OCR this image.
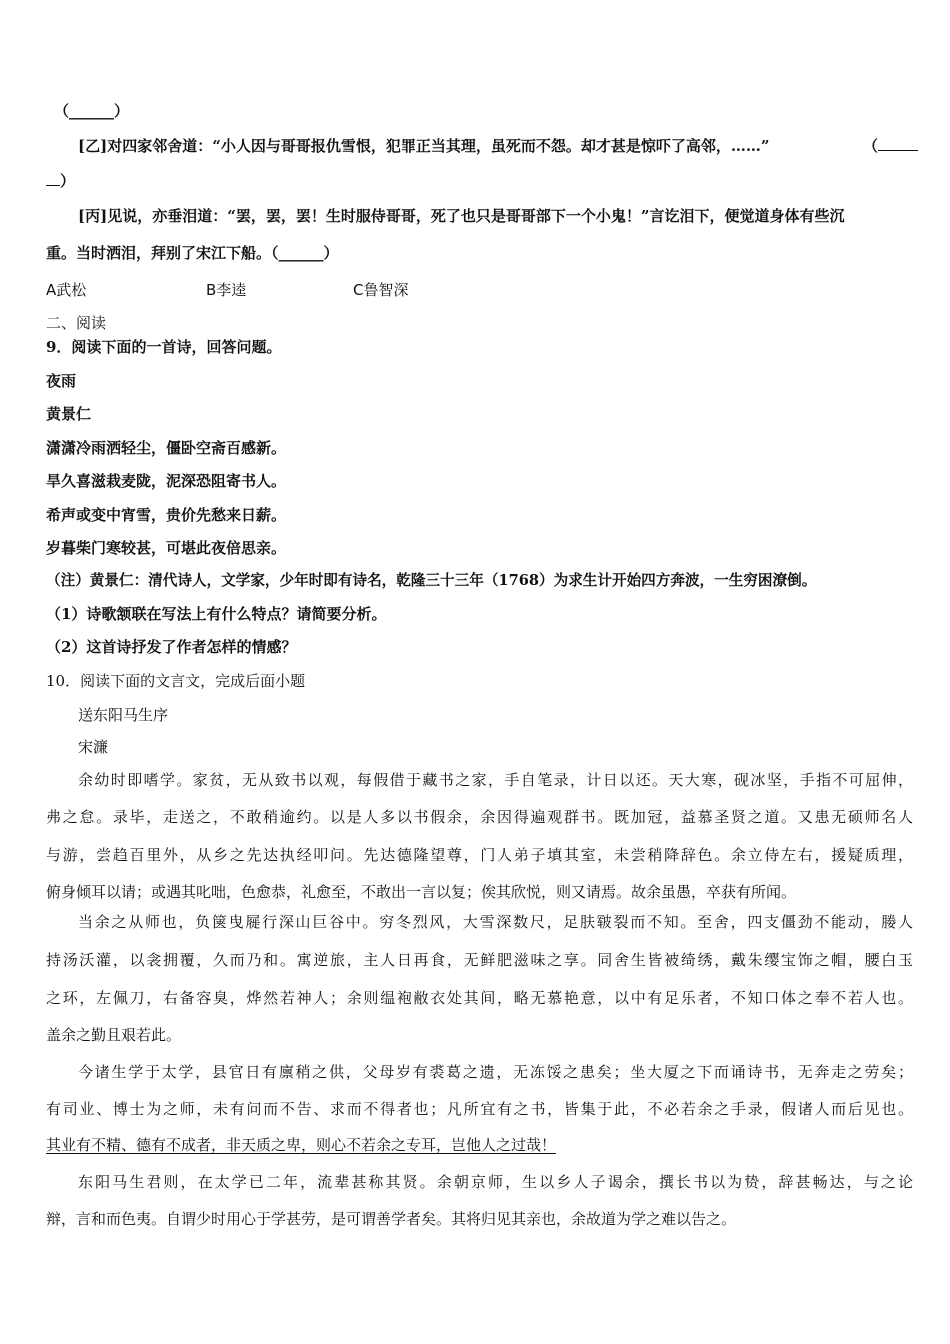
（______）
[乙]对四家邻舍道：“小人因与哥哥报仇雪恨，犯罪正当其理，虽死而不怨。却才甚是惊吓了高邻，……”	（
）
[丙]见说，亦垂泪道：“罢，罢，罢！生时服侍哥哥，死了也只是哥哥部下一个小鬼！”言讫泪下，便觉道身体有些沉
重。当时洒泪，拜别了宋江下船。（______）
A武松	B李逵	C鲁智深
二、阅读
9．阅读下面的一首诗，回答问题。
夜雨
黄景仁
潇潇冷雨洒轻尘，僵卧空斋百感新。
旱久喜滋栽麦陇，泥深恐阻寄书人。
希声或变中宵雪，贵价先愁来日薪。
岁暮柴门寒较甚，可堪此夜倍思亲。
（注）黄景仁：清代诗人，文学家，少年时即有诗名，乾隆三十三年（1768）为求生计开始四方奔波，一生穷困潦倒。
（1）诗歌颔联在写法上有什么特点？请简要分析。
（2）这首诗抒发了作者怎样的情感？
10．阅读下面的文言文，完成后面小题
送东阳马生序
宋濂
余幼时即嗜学。家贫，无从致书以观，每假借于藏书之家，手自笔录，计日以还。天大寒，砚冰坚，手指不可屈伸，
弗之怠。录毕，走送之，不敢稍逾约。以是人多以书假余，余因得遍观群书。既加冠，益慕圣贤之道。又患无硕师名人
与游，尝趋百里外，从乡之先达执经叩问。先达德隆望尊，门人弟子填其室，未尝稍降辞色。余立侍左右，援疑质理，
俯身倾耳以请；或遇其叱咄，色愈恭，礼愈至，不敢出一言以复；俟其欣悦，则又请焉。故余虽愚，卒获有所闻。
当余之从师也，负箧曳屣行深山巨谷中。穷冬烈风，大雪深数尺，足肤皲裂而不知。至舍，四支僵劲不能动，媵人
持汤沃灌，以衾拥覆，久而乃和。寓逆旅，主人日再食，无鲜肥滋味之享。同舍生皆被绮绣，戴朱缨宝饰之帽，腰白玉
之环，左佩刀，右备容臭，烨然若神人；余则缊袍敝衣处其间，略无慕艳意，以中有足乐者，不知口体之奉不若人也。
盖余之勤且艰若此。
今诸生学于太学，县官日有廪稍之供，父母岁有裘葛之遗，无冻馁之患矣；坐大厦之下而诵诗书，无奔走之劳矣；
有司业、博士为之师，未有问而不告、求而不得者也；凡所宜有之书，皆集于此，不必若余之手录，假诸人而后见也。
其业有不精、德有不成者，非天质之卑，则心不若余之专耳，岂他人之过哉！
东阳马生君则，在太学已二年，流辈甚称其贤。余朝京师，生以乡人子谒余，撰长书以为贽，辞甚畅达，与之论
辩，言和而色夷。自谓少时用心于学甚劳，是可谓善学者矣。其将归见其亲也，余故道为学之难以告之。
